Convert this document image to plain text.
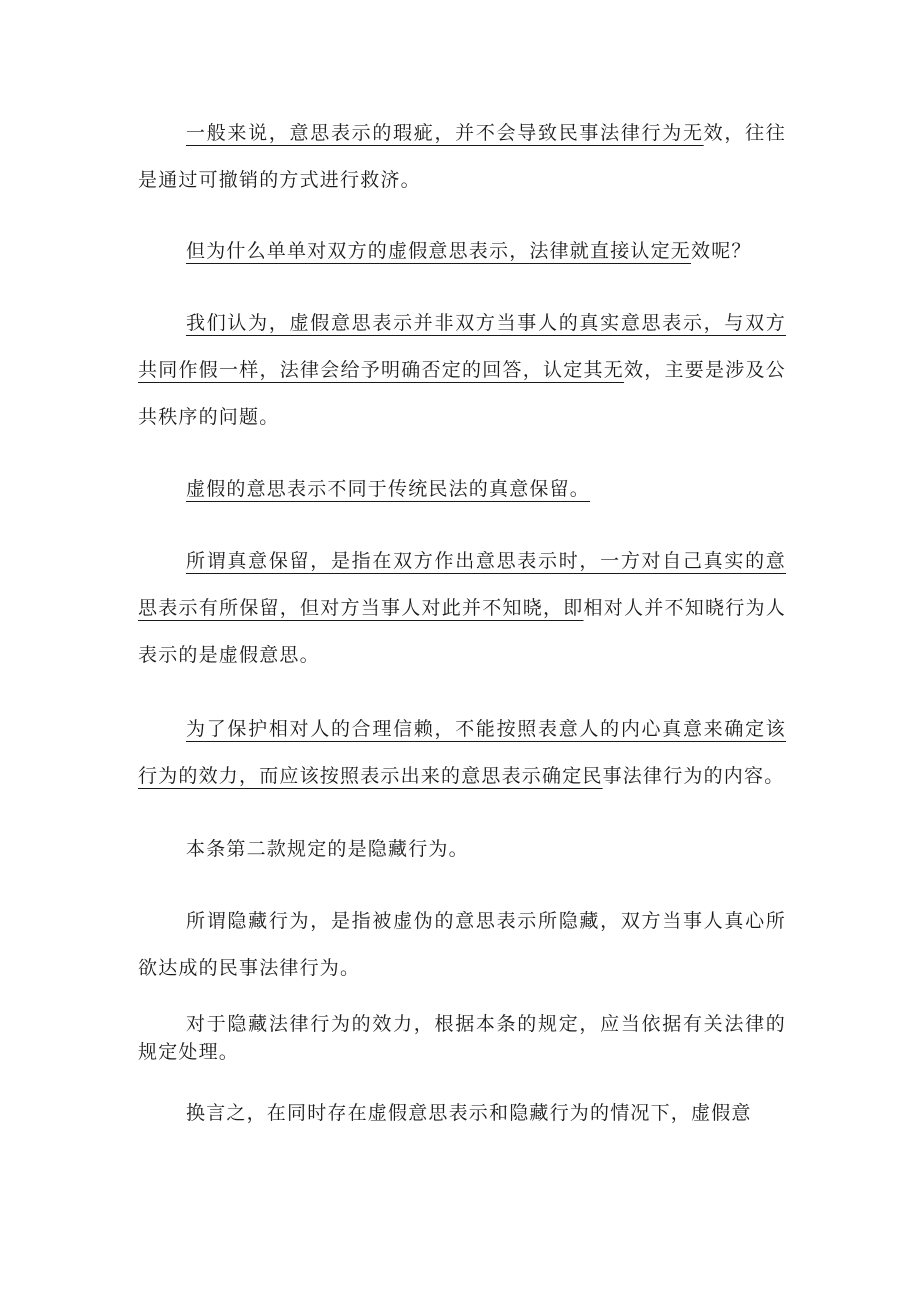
一般来说，意思表示的瑕疵，并不会导致民事法律行为无效，往往是通过可撤销的方式进行救济。

但为什么单单对双方的虚假意思表示，法律就直接认定无效呢？

我们认为，虚假意思表示并非双方当事人的真实意思表示，与双方共同作假一样，法律会给予明确否定的回答，认定其无效，主要是涉及公共秩序的问题。

虚假的意思表示不同于传统民法的真意保留。

所谓真意保留，是指在双方作出意思表示时，一方对自己真实的意思表示有所保留，但对方当事人对此并不知晓，即相对人并不知晓行为人表示的是虚假意思。

为了保护相对人的合理信赖，不能按照表意人的内心真意来确定该行为的效力，而应该按照表示出来的意思表示确定民事法律行为的内容。

本条第二款规定的是隐藏行为。

所谓隐藏行为，是指被虚伪的意思表示所隐藏，双方当事人真心所欲达成的民事法律行为。

对于隐藏法律行为的效力，根据本条的规定，应当依据有关法律的规定处理。

换言之，在同时存在虚假意思表示和隐藏行为的情况下，虚假意
